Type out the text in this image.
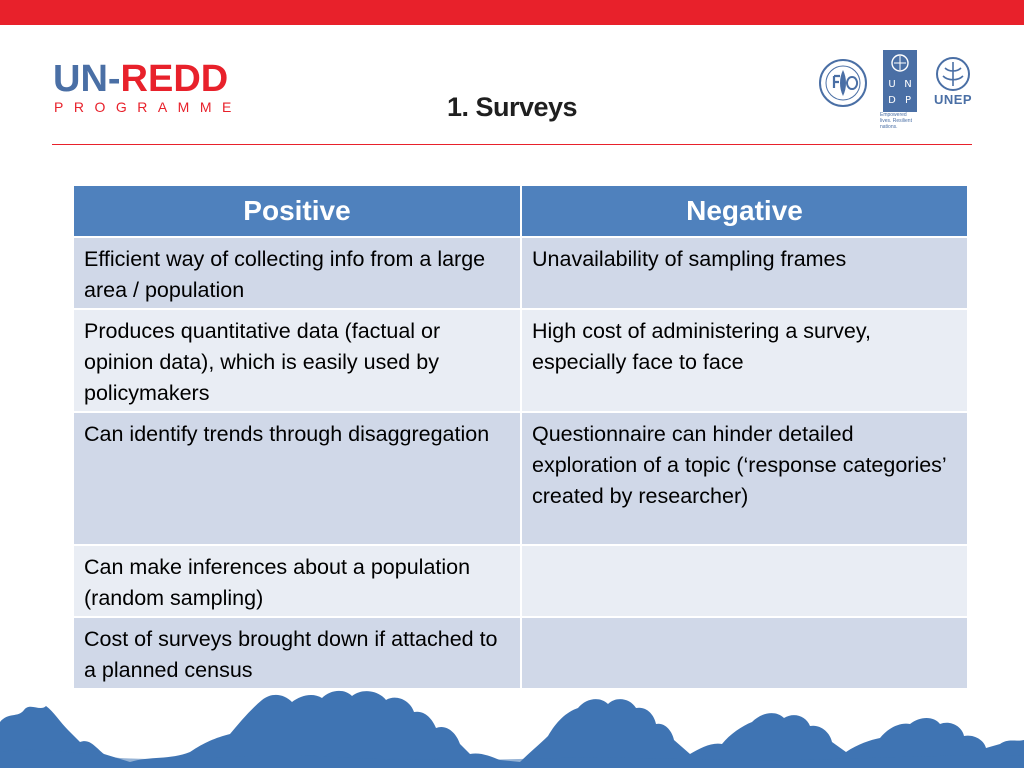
UN-REDD
PROGRAMME	1. Surveys
U N
D P
Empowered lives. Resilient nations.
UNEP
Positive	Negative
Efficient way of collecting info from a large area / population	Unavailability of sampling frames
Produces quantitative data (factual or opinion data), which is easily used by policymakers	High cost of administering a survey, especially face to face
Can identify trends through disaggregation	Questionnaire can hinder detailed exploration of a topic (‘response categories’ created by researcher)
Can make inferences about a population (random sampling)	
Cost of surveys brought down if attached to a planned census	
